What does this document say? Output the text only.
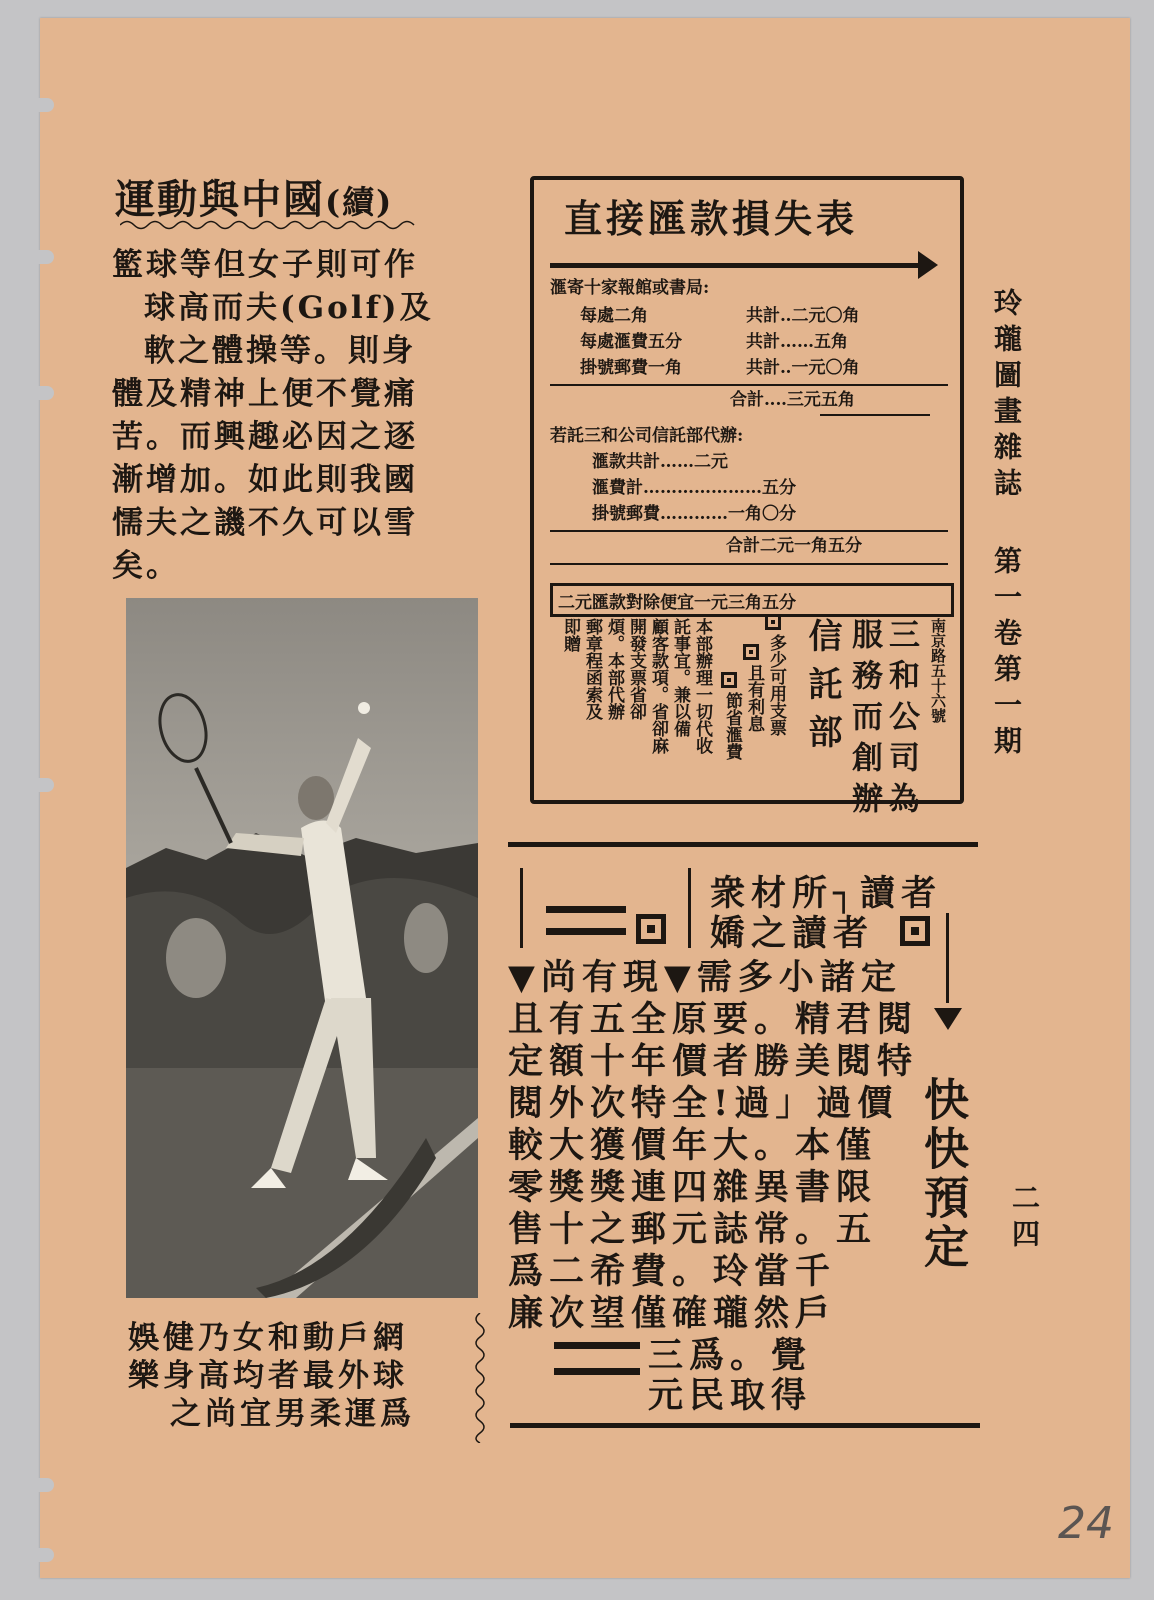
運動與中國(續)
籃球等但女子則可作
球高而夫(Golf)及
軟之體操等。則身
體及精神上便不覺痛
苦。而興趣必因之逐
漸增加。如此則我國
懦夫之譏不久可以雪
矣。
娛健乃女和動戶網
樂身高均者最外球
之尚宜男柔運爲
直接匯款損失表
滙寄十家報館或書局:
每處二角	共計‥二元〇角
每處滙費五分	共計……五角
掛號郵費一角	共計‥一元〇角
合計‥‥三元五角
若託三和公司信託部代辦:
滙款共計……二元
滙費計…………………五分
掛號郵費…………一角〇分
合計二元一角五分
二元匯款對除便宜一元三角五分
南京路五十六號
三和公司為
服務而創辦
信託部
多少可用支票
且有利息
節省滙費
本部辦理一切代收
託事宜。兼以備
顧客款項。省卻麻
開發支票省卻
煩。本部代辦
郵章程函索及
即贈
玲瓏圖畫雜誌
第一卷
第一期
二四
衆材所┐讀者
嬌之讀者
▼尚有現▼需多小諸定
且有五全原要。精君閱
定額十年價者勝美閱特
閱外次特全!過」過價
較大獲價年大。本僅
零獎獎連四雜異書限
售十之郵元誌常。五
爲二希費。玲當千
廉次望僅確瓏然戶
三爲。覺
元民取得
快快預定
24
